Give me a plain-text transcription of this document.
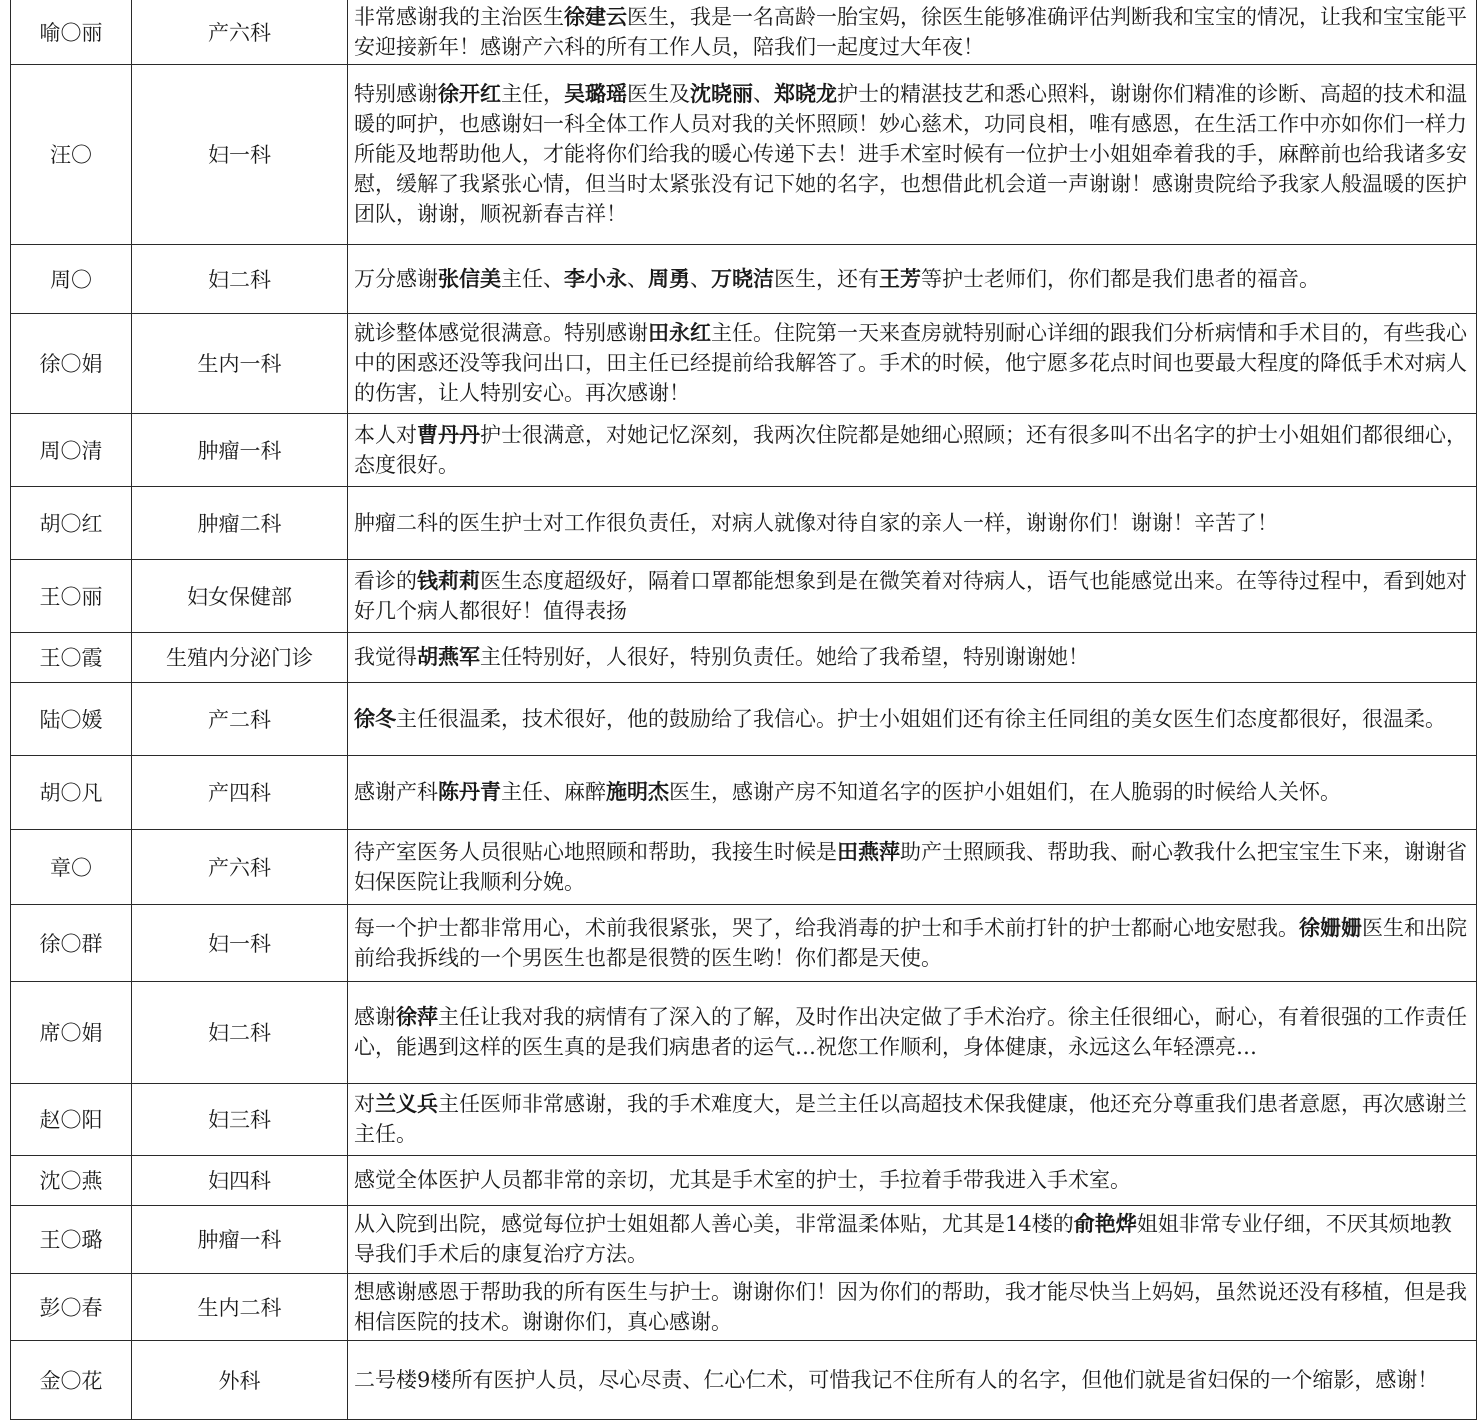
喻〇丽	产六科	非常感谢我的主治医生徐建云医生，我是一名高龄一胎宝妈，徐医生能够准确评估判断我和宝宝的情况，让我和宝宝能平安迎接新年！感谢产六科的所有工作人员，陪我们一起度过大年夜！
汪〇	妇一科	特别感谢徐开红主任，吴璐瑶医生及沈晓丽、郑晓龙护士的精湛技艺和悉心照料，谢谢你们精准的诊断、高超的技术和温暖的呵护，也感谢妇一科全体工作人员对我的关怀照顾！妙心慈术，功同良相，唯有感恩，在生活工作中亦如你们一样力所能及地帮助他人，才能将你们给我的暖心传递下去！进手术室时候有一位护士小姐姐牵着我的手，麻醉前也给我诸多安慰，缓解了我紧张心情，但当时太紧张没有记下她的名字，也想借此机会道一声谢谢！感谢贵院给予我家人般温暖的医护团队，谢谢，顺祝新春吉祥！
周〇	妇二科	万分感谢张信美主任、李小永、周勇、万晓洁医生，还有王芳等护士老师们，你们都是我们患者的福音。
徐〇娟	生内一科	就诊整体感觉很满意。特别感谢田永红主任。住院第一天来查房就特别耐心详细的跟我们分析病情和手术目的，有些我心中的困惑还没等我问出口，田主任已经提前给我解答了。手术的时候，他宁愿多花点时间也要最大程度的降低手术对病人的伤害，让人特别安心。再次感谢！
周〇清	肿瘤一科	本人对曹丹丹护士很满意，对她记忆深刻，我两次住院都是她细心照顾；还有很多叫不出名字的护士小姐姐们都很细心，态度很好。
胡〇红	肿瘤二科	肿瘤二科的医生护士对工作很负责任，对病人就像对待自家的亲人一样，谢谢你们！谢谢！辛苦了！
王〇丽	妇女保健部	看诊的钱莉莉医生态度超级好，隔着口罩都能想象到是在微笑着对待病人，语气也能感觉出来。在等待过程中，看到她对好几个病人都很好！值得表扬
王〇霞	生殖内分泌门诊	我觉得胡燕军主任特别好，人很好，特别负责任。她给了我希望，特别谢谢她！
陆〇媛	产二科	徐冬主任很温柔，技术很好，他的鼓励给了我信心。护士小姐姐们还有徐主任同组的美女医生们态度都很好，很温柔。
胡〇凡	产四科	感谢产科陈丹青主任、麻醉施明杰医生，感谢产房不知道名字的医护小姐姐们，在人脆弱的时候给人关怀。
章〇	产六科	待产室医务人员很贴心地照顾和帮助，我接生时候是田燕萍助产士照顾我、帮助我、耐心教我什么把宝宝生下来，谢谢省妇保医院让我顺利分娩。
徐〇群	妇一科	每一个护士都非常用心，术前我很紧张，哭了，给我消毒的护士和手术前打针的护士都耐心地安慰我。徐姗姗医生和出院前给我拆线的一个男医生也都是很赞的医生哟！你们都是天使。
席〇娟	妇二科	感谢徐萍主任让我对我的病情有了深入的了解，及时作出决定做了手术治疗。徐主任很细心，耐心，有着很强的工作责任心，能遇到这样的医生真的是我们病患者的运气…祝您工作顺利，身体健康，永远这么年轻漂亮…
赵〇阳	妇三科	对兰义兵主任医师非常感谢，我的手术难度大，是兰主任以高超技术保我健康，他还充分尊重我们患者意愿，再次感谢兰主任。
沈〇燕	妇四科	感觉全体医护人员都非常的亲切，尤其是手术室的护士，手拉着手带我进入手术室。
王〇璐	肿瘤一科	从入院到出院，感觉每位护士姐姐都人善心美，非常温柔体贴，尤其是14楼的俞艳烨姐姐非常专业仔细，不厌其烦地教导我们手术后的康复治疗方法。
彭〇春	生内二科	想感谢感恩于帮助我的所有医生与护士。谢谢你们！因为你们的帮助，我才能尽快当上妈妈，虽然说还没有移植，但是我相信医院的技术。谢谢你们，真心感谢。
金〇花	外科	二号楼9楼所有医护人员，尽心尽责、仁心仁术，可惜我记不住所有人的名字，但他们就是省妇保的一个缩影，感谢！
